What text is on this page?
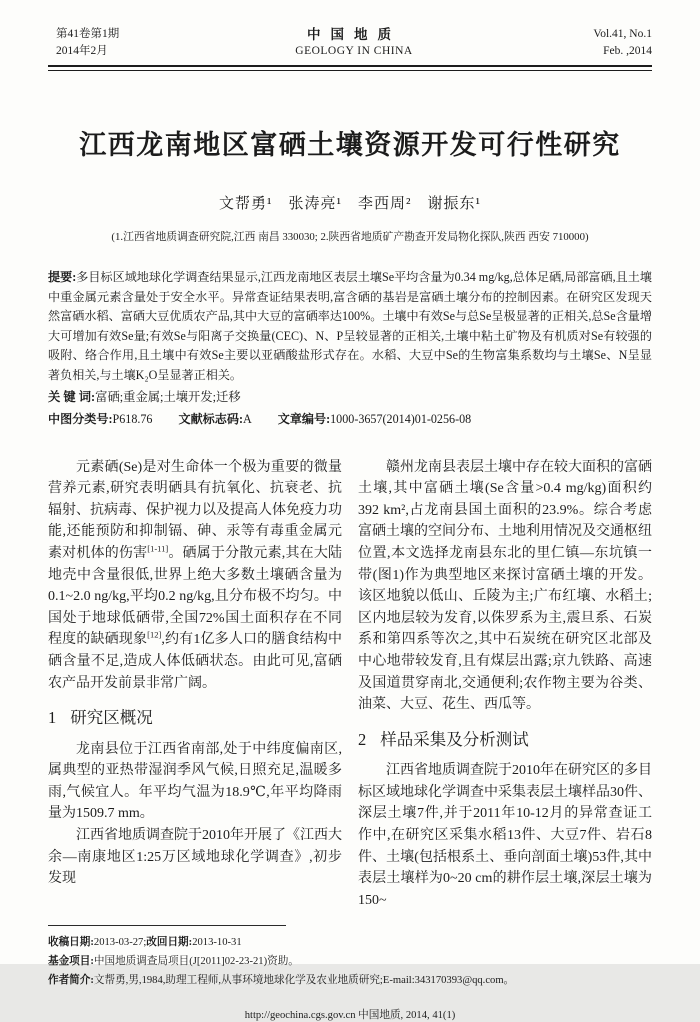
第41卷第1期
2014年2月
中国地质
GEOLOGY IN CHINA
Vol.41, No.1
Feb. ,2014
江西龙南地区富硒土壤资源开发可行性研究
文帮勇¹　张涛亮¹　李西周²　谢振东¹
(1.江西省地质调查研究院,江西 南昌 330030; 2.陕西省地质矿产勘查开发局物化探队,陕西 西安 710000)

提要:多目标区域地球化学调查结果显示,江西龙南地区表层土壤Se平均含量为0.34 mg/kg,总体足硒,局部富硒,且土壤中重金属元素含量处于安全水平。异常查证结果表明,富含硒的基岩是富硒土壤分布的控制因素。在研究区发现天然富硒水稻、富硒大豆优质农产品,其中大豆的富硒率达100%。土壤中有效Se与总Se呈极显著的正相关,总Se含量增大可增加有效Se量;有效Se与阳离子交换量(CEC)、N、P呈较显著的正相关,土壤中粘土矿物及有机质对Se有较强的吸附、络合作用,且土壤中有效Se主要以亚硒酸盐形式存在。水稻、大豆中Se的生物富集系数均与土壤Se、N呈显著负相关,与土壤K₂O呈显著正相关。

关 键 词:富硒;重金属;土壤开发;迁移

中图分类号:P618.76 文献标志码:A 文章编号:1000-3657(2014)01-0256-08

元素硒(Se)是对生命体一个极为重要的微量营养元素,研究表明硒具有抗氧化、抗衰老、抗辐射、抗病毒、保护视力以及提高人体免疫力功能,还能预防和抑制镉、砷、汞等有毒重金属元素对机体的伤害[1-11]。硒属于分散元素,其在大陆地壳中含量很低,世界上绝大多数土壤硒含量为0.1~2.0 ng/kg,平均0.2 ng/kg,且分布极不均匀。中国处于地球低硒带,全国72%国土面积存在不同程度的缺硒现象[12],约有1亿多人口的膳食结构中硒含量不足,造成人体低硒状态。由此可见,富硒农产品开发前景非常广阔。

1 研究区概况

龙南县位于江西省南部,处于中纬度偏南区,属典型的亚热带湿润季风气候,日照充足,温暖多雨,气候宜人。年平均气温为18.9℃,年平均降雨量为1509.7 mm。

江西省地质调查院于2010年开展了《江西大余—南康地区1:25万区域地球化学调查》,初步发现

赣州龙南县表层土壤中存在较大面积的富硒土壤,其中富硒土壤(Se含量>0.4 mg/kg)面积约392 km²,占龙南县国土面积的23.9%。综合考虑富硒土壤的空间分布、土地利用情况及交通枢纽位置,本文选择龙南县东北的里仁镇—东坑镇一带(图1)作为典型地区来探讨富硒土壤的开发。该区地貌以低山、丘陵为主;广布红壤、水稻土;区内地层较为发育,以侏罗系为主,震旦系、石炭系和第四系等次之,其中石炭统在研究区北部及中心地带较发育,且有煤层出露;京九铁路、高速及国道贯穿南北,交通便利;农作物主要为谷类、油菜、大豆、花生、西瓜等。

2 样品采集及分析测试

江西省地质调查院于2010年在研究区的多目标区域地球化学调查中采集表层土壤样品30件、深层土壤7件,并于2011年10-12月的异常查证工作中,在研究区采集水稻13件、大豆7件、岩石8件、土壤(包括根系土、垂向剖面土壤)53件,其中表层土壤样为0~20 cm的耕作层土壤,深层土壤为150~

收稿日期:2013-03-27;改回日期:2013-10-31
基金项目:中国地质调查局项目(J[2011]02-23-21)资助。
作者简介:文帮勇,男,1984,助理工程师,从事环境地球化学及农业地质研究;E-mail:343170393@qq.com。
http://geochina.cgs.gov.cn 中国地质, 2014, 41(1)
